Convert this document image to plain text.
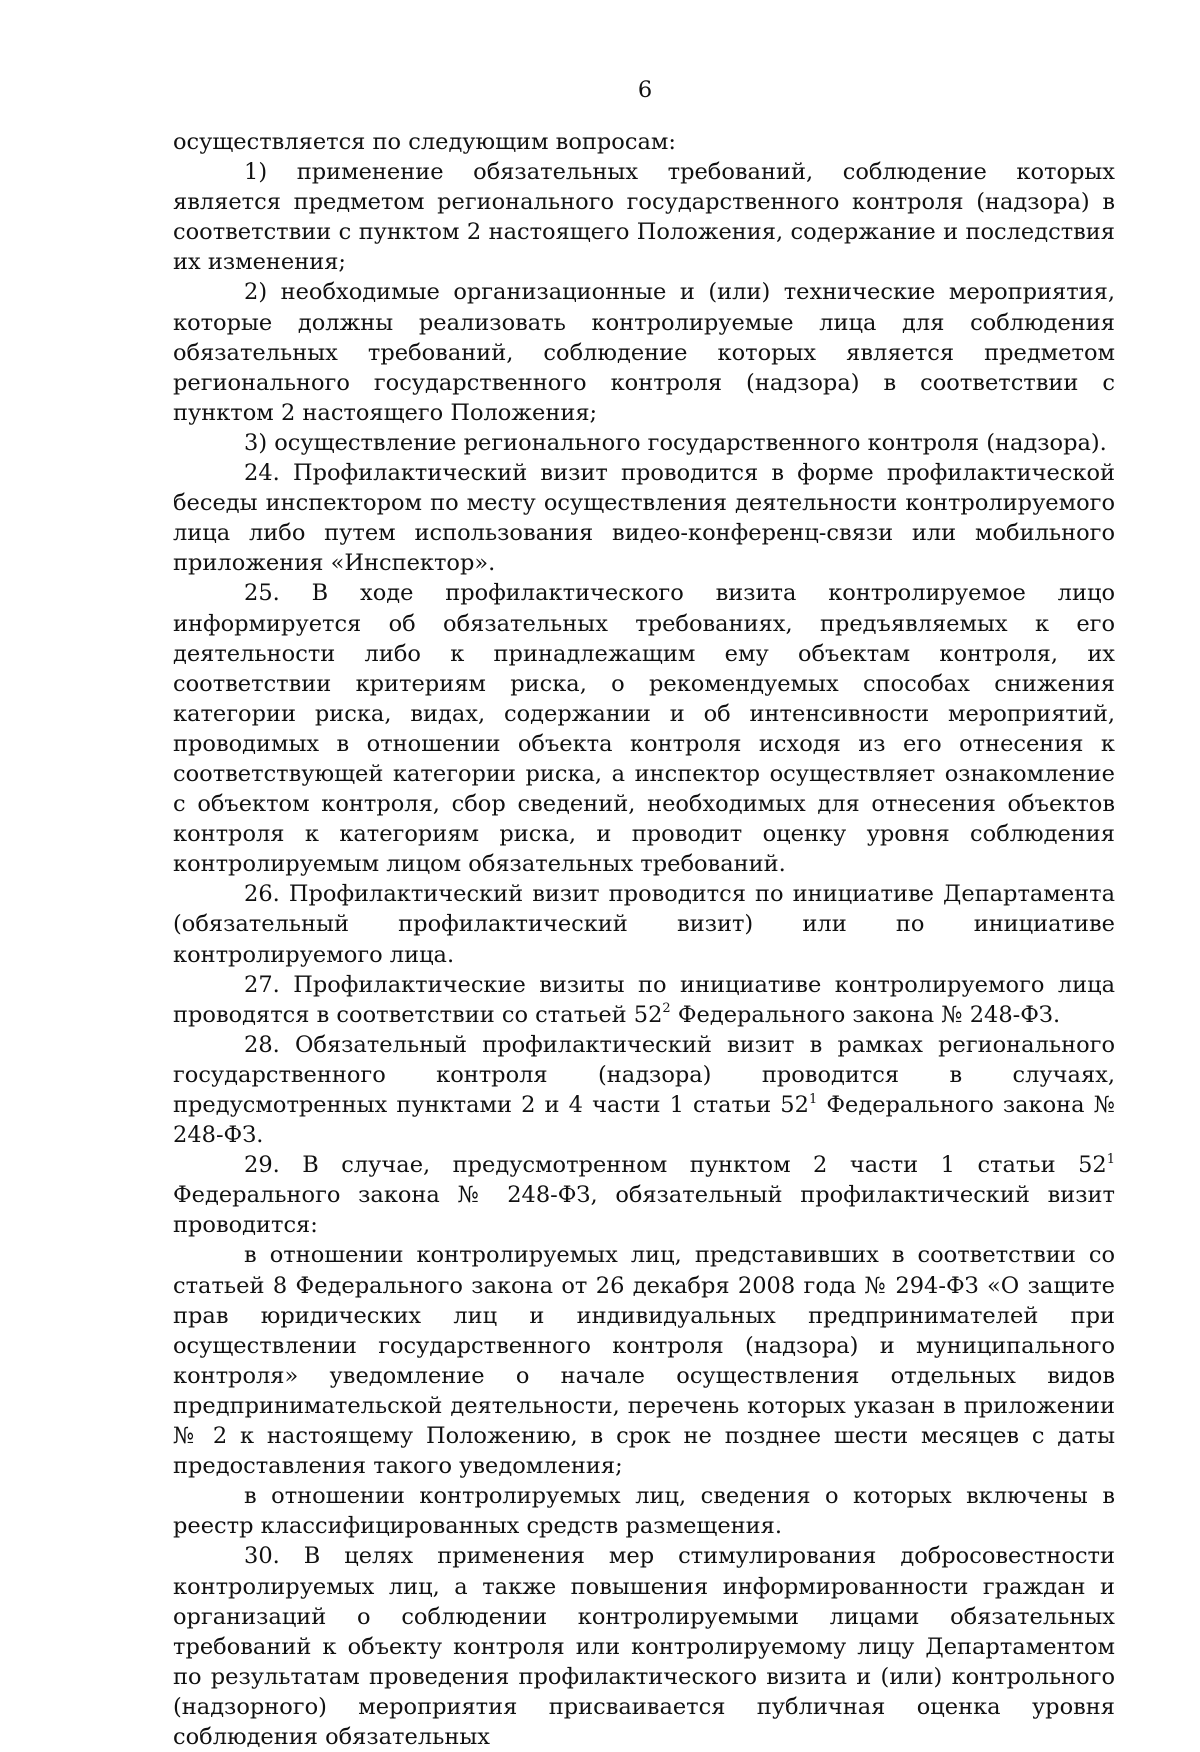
6

осуществляется по следующим вопросам:

1) применение обязательных требований, соблюдение которых является предметом регионального государственного контроля (надзора) в соответствии с пунктом 2 настоящего Положения, содержание и последствия их изменения;

2) необходимые организационные и (или) технические мероприятия, которые должны реализовать контролируемые лица для соблюдения обязательных требований, соблюдение которых является предметом регионального государственного контроля (надзора) в соответствии с пунктом 2 настоящего Положения;

3) осуществление регионального государственного контроля (надзора).

24. Профилактический визит проводится в форме профилактической беседы инспектором по месту осуществления деятельности контролируемого лица либо путем использования видео-конференц-связи или мобильного приложения «Инспектор».

25. В ходе профилактического визита контролируемое лицо информируется об обязательных требованиях, предъявляемых к его деятельности либо к принадлежащим ему объектам контроля, их соответствии критериям риска, о рекомендуемых способах снижения категории риска, видах, содержании и об интенсивности мероприятий, проводимых в отношении объекта контроля исходя из его отнесения к соответствующей категории риска, а инспектор осуществляет ознакомление с объектом контроля, сбор сведений, необходимых для отнесения объектов контроля к категориям риска, и проводит оценку уровня соблюдения контролируемым лицом обязательных требований.

26. Профилактический визит проводится по инициативе Департамента (обязательный профилактический визит) или по инициативе контролируемого лица.

27. Профилактические визиты по инициативе контролируемого лица проводятся в соответствии со статьей $52^2$ Федерального закона № 248-ФЗ.

28. Обязательный профилактический визит в рамках регионального государственного контроля (надзора) проводится в случаях, предусмотренных пунктами 2 и 4 части 1 статьи $52^1$ Федерального закона № 248-ФЗ.

29. В случае, предусмотренном пунктом 2 части 1 статьи $52^1$ Федерального закона № 248-ФЗ, обязательный профилактический визит проводится:

в отношении контролируемых лиц, представивших в соответствии со статьей 8 Федерального закона от 26 декабря 2008 года № 294-ФЗ «О защите прав юридических лиц и индивидуальных предпринимателей при осуществлении государственного контроля (надзора) и муниципального контроля» уведомление о начале осуществления отдельных видов предпринимательской деятельности, перечень которых указан в приложении № 2 к настоящему Положению, в срок не позднее шести месяцев с даты предоставления такого уведомления;

в отношении контролируемых лиц, сведения о которых включены в реестр классифицированных средств размещения.

30. В целях применения мер стимулирования добросовестности контролируемых лиц, а также повышения информированности граждан и организаций о соблюдении контролируемыми лицами обязательных требований к объекту контроля или контролируемому лицу Департаментом по результатам проведения профилактического визита и (или) контрольного (надзорного) мероприятия присваивается публичная оценка уровня соблюдения обязательных
